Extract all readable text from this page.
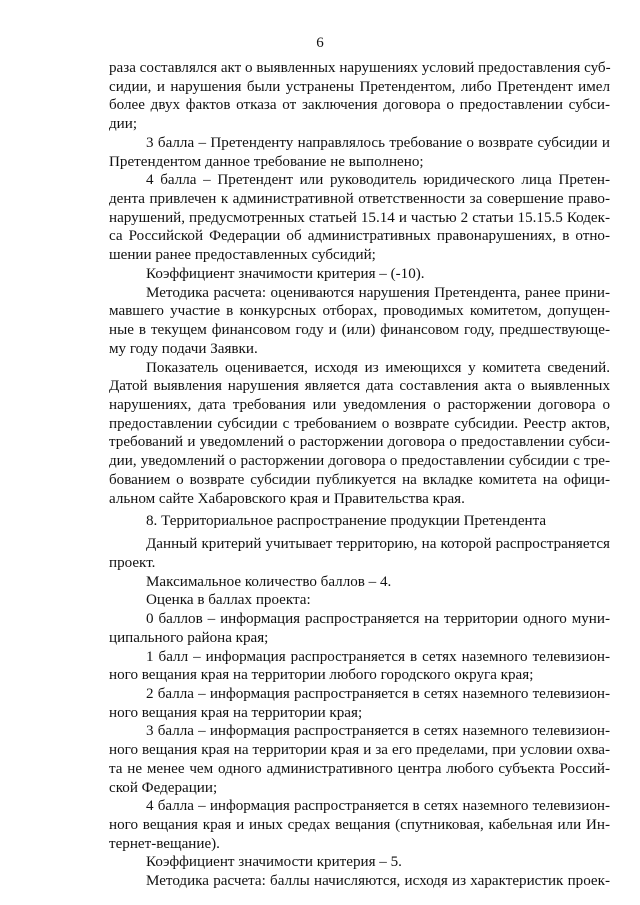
6
раза составлялся акт о выявленных нарушениях условий предоставления суб-
сидии, и нарушения были устранены Претендентом, либо Претендент имел
более двух фактов отказа от заключения договора о предоставлении субси-
дии;
3 балла – Претенденту направлялось требование о возврате субсидии и
Претендентом данное требование не выполнено;
4 балла – Претендент или руководитель юридического лица Претен-
дента привлечен к административной ответственности за совершение право-
нарушений, предусмотренных статьей 15.14 и частью 2 статьи 15.15.5 Кодек-
са Российской Федерации об административных правонарушениях, в отно-
шении ранее предоставленных субсидий;
Коэффициент значимости критерия – (-10).
Методика расчета: оцениваются нарушения Претендента, ранее прини-
мавшего участие в конкурсных отборах, проводимых комитетом, допущен-
ные в текущем финансовом году и (или) финансовом году, предшествующе-
му году подачи Заявки.
Показатель оценивается, исходя из имеющихся у комитета сведений.
Датой выявления нарушения является дата составления акта о выявленных
нарушениях, дата требования или уведомления о расторжении договора о
предоставлении субсидии с требованием о возврате субсидии. Реестр актов,
требований и уведомлений о расторжении договора о предоставлении субси-
дии, уведомлений о расторжении договора о предоставлении субсидии с тре-
бованием о возврате субсидии публикуется на вкладке комитета на офици-
альном сайте Хабаровского края и Правительства края.
8. Территориальное распространение продукции Претендента
Данный критерий учитывает территорию, на которой распространяется
проект.
Максимальное количество баллов – 4.
Оценка в баллах проекта:
0 баллов – информация распространяется на территории одного муни-
ципального района края;
1 балл – информация распространяется в сетях наземного телевизион-
ного вещания края на территории любого городского округа края;
2 балла – информация распространяется в сетях наземного телевизион-
ного вещания края на территории края;
3 балла – информация распространяется в сетях наземного телевизион-
ного вещания края на территории края и за его пределами, при условии охва-
та не менее чем одного административного центра любого субъекта Россий-
ской Федерации;
4 балла – информация распространяется в сетях наземного телевизион-
ного вещания края и иных средах вещания (спутниковая, кабельная или Ин-
тернет-вещание).
Коэффициент значимости критерия – 5.
Методика расчета: баллы начисляются, исходя из характеристик проек-
